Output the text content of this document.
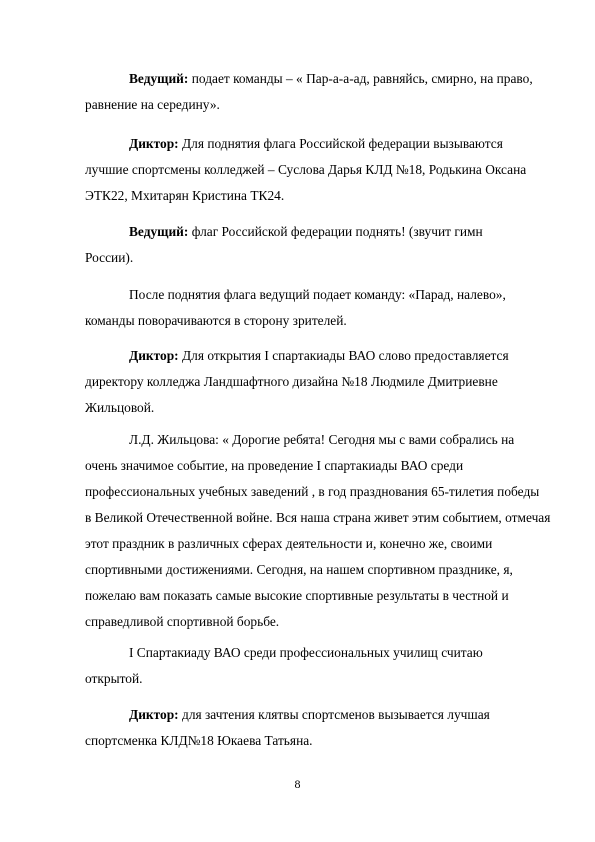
Ведущий: подает команды – « Пар-а-а-ад, равняйсь, смирно, на право,
равнение на середину».
Диктор: Для поднятия флага Российской федерации вызываются
лучшие спортсмены колледжей – Суслова Дарья КЛД №18, Родькина Оксана
ЭТК22, Мхитарян Кристина ТК24.
Ведущий: флаг Российской федерации поднять! (звучит гимн
России).
После поднятия флага ведущий подает команду: «Парад, налево»,
команды поворачиваются в сторону зрителей.
Диктор: Для открытия I спартакиады ВАО слово предоставляется
директору колледжа Ландшафтного дизайна №18 Людмиле Дмитриевне
Жильцовой.
Л.Д. Жильцова: « Дорогие ребята! Сегодня мы с вами собрались на
очень значимое событие, на проведение I спартакиады ВАО среди
профессиональных учебных заведений , в год празднования 65-тилетия победы
в Великой Отечественной войне. Вся наша страна живет этим событием, отмечая
этот праздник в различных сферах деятельности и, конечно же, своими
спортивными достижениями. Сегодня, на нашем спортивном празднике, я,
пожелаю вам показать самые высокие спортивные результаты в честной и
справедливой спортивной борьбе.
I Спартакиаду ВАО среди профессиональных училищ считаю
открытой.
Диктор: для зачтения клятвы спортсменов вызывается лучшая
спортсменка КЛД№18 Юкаева Татьяна.
8
